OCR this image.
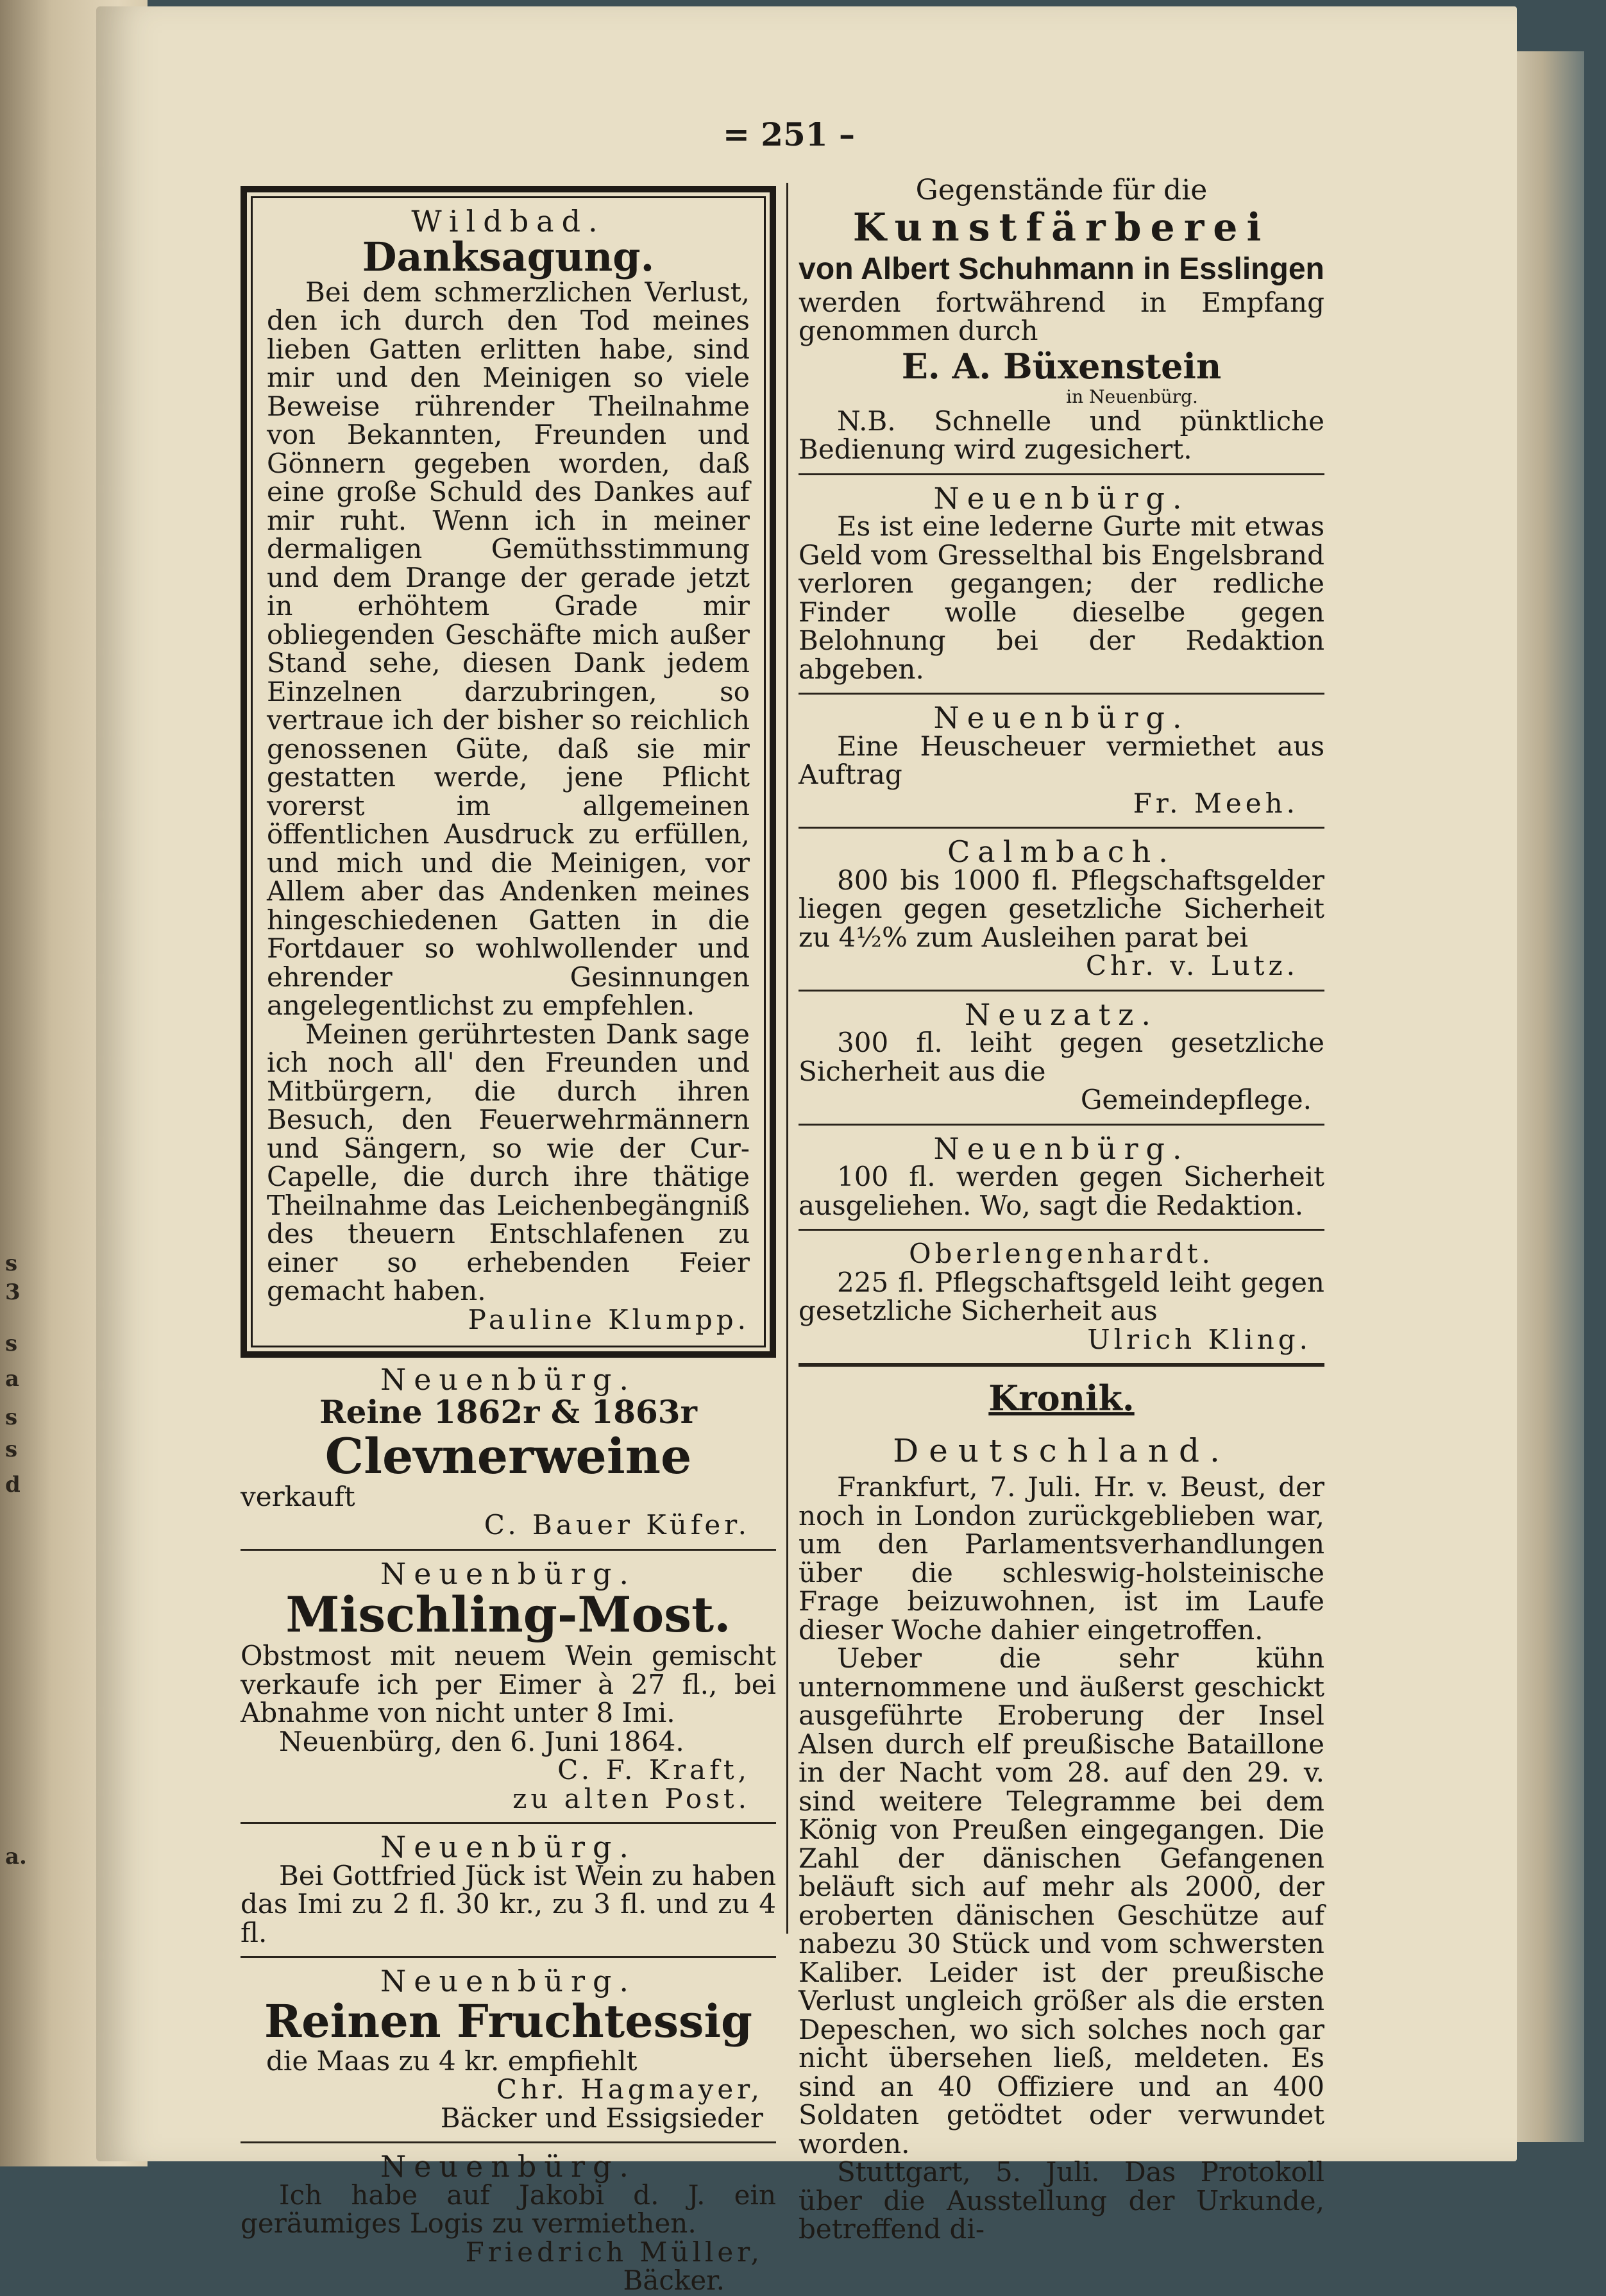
s
3
s
a
s
s
d
a.
= 251 –

Wildbad.

Danksagung.

Bei dem schmerzlichen Verlust, den ich durch den Tod meines lieben Gatten erlitten habe, sind mir und den Meinigen so viele Beweise rührender Theilnahme von Bekannten, Freunden und Gönnern gegeben worden, daß eine große Schuld des Dankes auf mir ruht. Wenn ich in meiner dermaligen Gemüthsstimmung und dem Drange der gerade jetzt in erhöhtem Grade mir obliegenden Geschäfte mich außer Stand sehe, diesen Dank jedem Einzelnen darzubringen, so vertraue ich der bisher so reichlich genossenen Güte, daß sie mir gestatten werde, jene Pflicht vorerst im allgemeinen öffentlichen Ausdruck zu erfüllen, und mich und die Meinigen, vor Allem aber das Andenken meines hingeschiedenen Gatten in die Fortdauer so wohlwollender und ehrender Gesinnungen angelegentlichst zu empfehlen.

Meinen gerührtesten Dank sage ich noch all' den Freunden und Mitbürgern, die durch ihren Besuch, den Feuerwehrmännern und Sängern, so wie der Cur-Capelle, die durch ihre thätige Theilnahme das Leichenbegängniß des theuern Entschlafenen zu einer so erhebenden Feier gemacht haben.

Pauline Klumpp.

Neuenbürg.

Reine 1862r & 1863r

Clevnerweine

verkauft

C. Bauer Küfer.

Neuenbürg.

Mischling-Most.

Obstmost mit neuem Wein gemischt verkaufe ich per Eimer à 27 fl., bei Abnahme von nicht unter 8 Imi.

Neuenbürg, den 6. Juni 1864.

C. F. Kraft,

zu alten Post.

Neuenbürg.

Bei Gottfried Jück ist Wein zu haben das Imi zu 2 fl. 30 kr., zu 3 fl. und zu 4 fl.

Neuenbürg.

Reinen Fruchtessig

die Maas zu 4 kr. empfiehlt

Chr. Hagmayer,

Bäcker und Essigsieder

Neuenbürg.

Ich habe auf Jakobi d. J. ein geräumiges Logis zu vermiethen.

Friedrich Müller,

Bäcker.

Gegenstände für die

Kunstfärberei

von Albert Schuhmann in Esslingen

werden fortwährend in Empfang genommen durch

E. A. Büxenstein

in Neuenbürg.

N.B. Schnelle und pünktliche Bedienung wird zugesichert.

Neuenbürg.

Es ist eine lederne Gurte mit etwas Geld vom Gresselthal bis Engelsbrand verloren gegangen; der redliche Finder wolle dieselbe gegen Belohnung bei der Redaktion abgeben.

Neuenbürg.

Eine Heuscheuer vermiethet aus Auftrag

Fr. Meeh.

Calmbach.

800 bis 1000 fl. Pflegschaftsgelder liegen gegen gesetzliche Sicherheit zu 4½% zum Ausleihen parat bei

Chr. v. Lutz.

Neuzatz.

300 fl. leiht gegen gesetzliche Sicherheit aus die

Gemeindepflege.

Neuenbürg.

100 fl. werden gegen Sicherheit ausgeliehen. Wo, sagt die Redaktion.

Oberlengenhardt.

225 fl. Pflegschaftsgeld leiht gegen gesetzliche Sicherheit aus

Ulrich Kling.

Kronik.

Deutschland.

Frankfurt, 7. Juli. Hr. v. Beust, der noch in London zurückgeblieben war, um den Parlamentsverhandlungen über die schleswig-holsteinische Frage beizuwohnen, ist im Laufe dieser Woche dahier eingetroffen.

Ueber die sehr kühn unternommene und äußerst geschickt ausgeführte Eroberung der Insel Alsen durch elf preußische Bataillone in der Nacht vom 28. auf den 29. v. sind weitere Telegramme bei dem König von Preußen eingegangen. Die Zahl der dänischen Gefangenen beläuft sich auf mehr als 2000, der eroberten dänischen Geschütze auf nabezu 30 Stück und vom schwersten Kaliber. Leider ist der preußische Verlust ungleich größer als die ersten Depeschen, wo sich solches noch gar nicht übersehen ließ, meldeten. Es sind an 40 Offiziere und an 400 Soldaten getödtet oder verwundet worden.

Stuttgart, 5. Juli. Das Protokoll über die Ausstellung der Urkunde, betreffend di-
